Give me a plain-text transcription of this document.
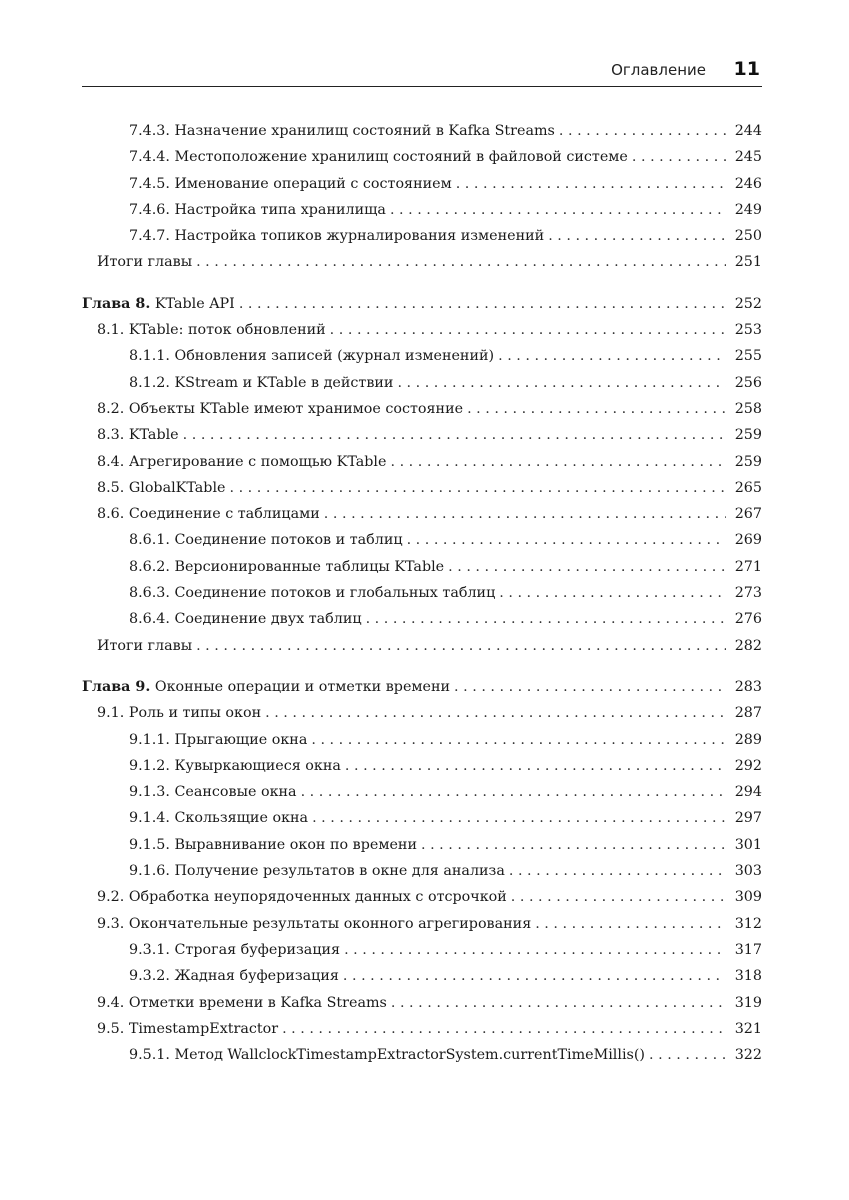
Оглавление 11
7.4.3. Назначение хранилищ состояний в Kafka Streams . . .	244
7.4.4. Местоположение хранилищ состояний в файловой системе . . .	245
7.4.5. Именование операций с состоянием . . .	246
7.4.6. Настройка типа хранилища . . .	249
7.4.7. Настройка топиков журналирования изменений . . .	250
Итоги главы . . .	251
Глава 8. KTable API . . .	252
8.1. KTable: поток обновлений . . .	253
8.1.1. Обновления записей (журнал изменений) . . .	255
8.1.2. KStream и KTable в действии . . .	256
8.2. Объекты KTable имеют хранимое состояние . . .	258
8.3. KTable . . .	259
8.4. Агрегирование с помощью KTable . . .	259
8.5. GlobalKTable . . .	265
8.6. Соединение с таблицами . . .	267
8.6.1. Соединение потоков и таблиц . . .	269
8.6.2. Версионированные таблицы KTable . . .	271
8.6.3. Соединение потоков и глобальных таблиц . . .	273
8.6.4. Соединение двух таблиц . . .	276
Итоги главы . . .	282
Глава 9. Оконные операции и отметки времени . . .	283
9.1. Роль и типы окон . . .	287
9.1.1. Прыгающие окна . . .	289
9.1.2. Кувыркающиеся окна . . .	292
9.1.3. Сеансовые окна . . .	294
9.1.4. Скользящие окна . . .	297
9.1.5. Выравнивание окон по времени . . .	301
9.1.6. Получение результатов в окне для анализа . . .	303
9.2. Обработка неупорядоченных данных с отсрочкой . . .	309
9.3. Окончательные результаты оконного агрегирования . . .	312
9.3.1. Строгая буферизация . . .	317
9.3.2. Жадная буферизация . . .	318
9.4. Отметки времени в Kafka Streams . . .	319
9.5. TimestampExtractor . . .	321
9.5.1. Метод WallclockTimestampExtractorSystem.currentTimeMillis() . . .	322
